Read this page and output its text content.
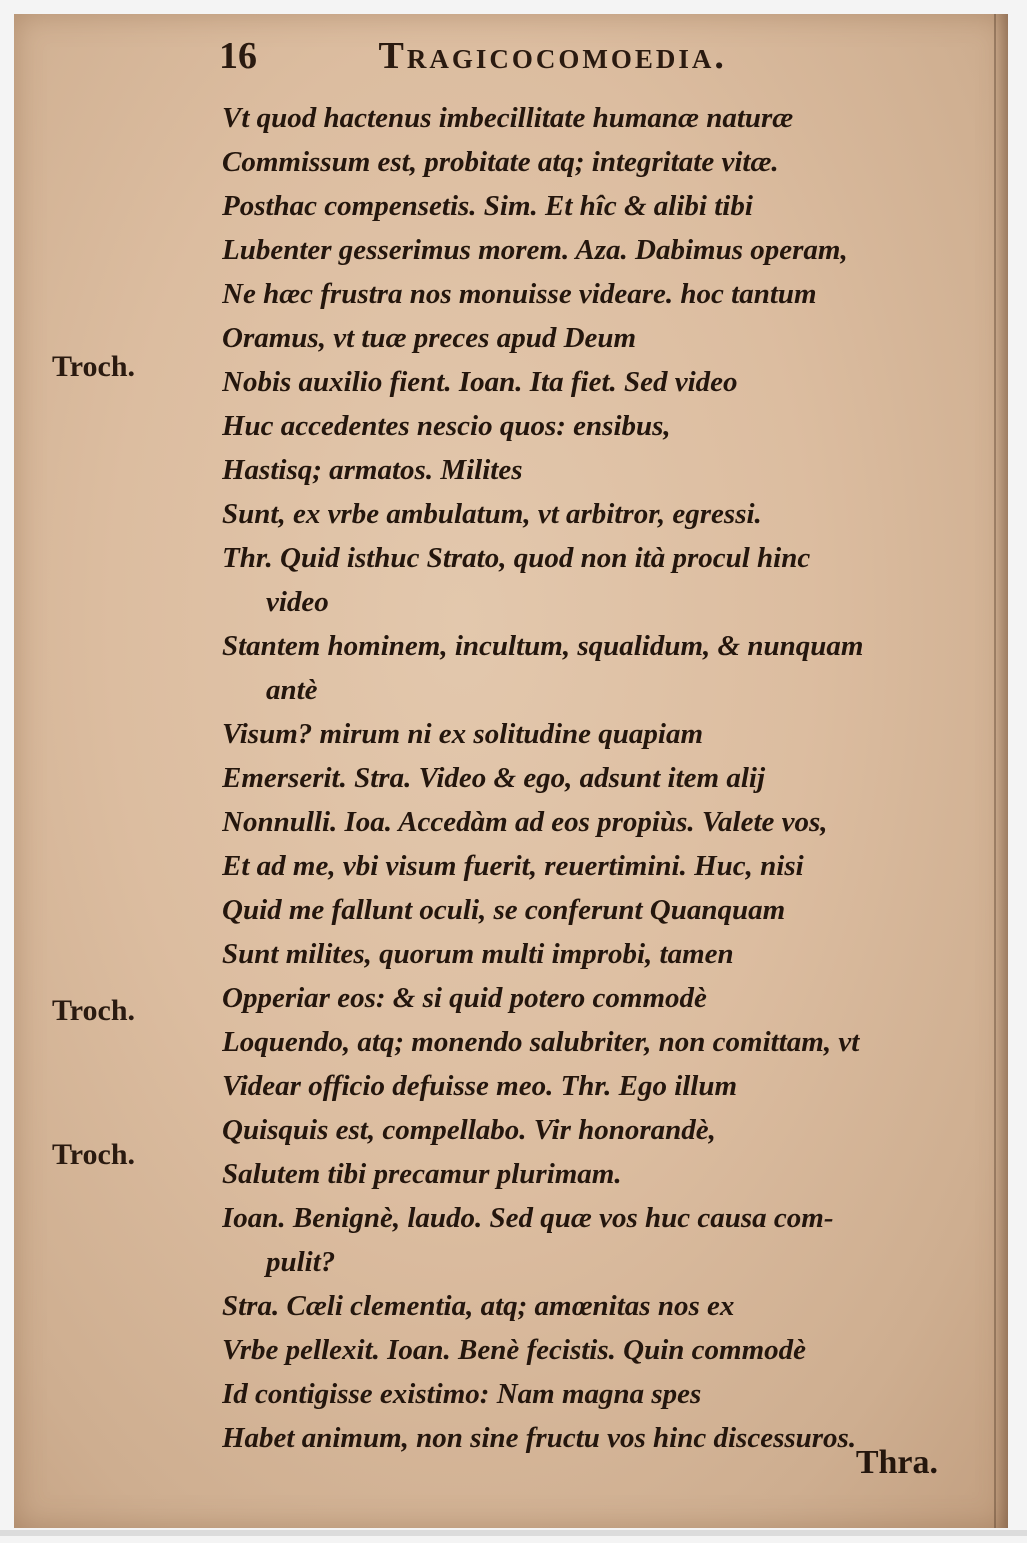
16	Tragicocomoedia.
Troch.
Troch.
Troch.
Vt quod hactenus imbecillitate humanæ naturæ
Commissum est, probitate atq; integritate vitæ.
Posthac compensetis. Sim. Et hîc & alibi tibi
Lubenter gesserimus morem. Aza. Dabimus operam,
Ne hæc frustra nos monuisse videare. hoc tantum
Oramus, vt tuæ preces apud Deum
Nobis auxilio fient. Ioan. Ita fiet. Sed video
Huc accedentes nescio quos: ensibus,
Hastisq; armatos. Milites
Sunt, ex vrbe ambulatum, vt arbitror, egressi.
Thr. Quid isthuc Strato, quod non ità procul hinc
video
Stantem hominem, incultum, squalidum, & nunquam
antè
Visum? mirum ni ex solitudine quapiam
Emerserit. Stra. Video & ego, adsunt item alij
Nonnulli. Ioa. Accedàm ad eos propiùs. Valete vos,
Et ad me, vbi visum fuerit, reuertimini. Huc, nisi
Quid me fallunt oculi, se conferunt Quanquam
Sunt milites, quorum multi improbi, tamen
Opperiar eos: & si quid potero commodè
Loquendo, atq; monendo salubriter, non comittam, vt
Videar officio defuisse meo. Thr. Ego illum
Quisquis est, compellabo. Vir honorandè,
Salutem tibi precamur plurimam.
Ioan. Benignè, laudo. Sed quæ vos huc causa com-
pulit?
Stra. Cæli clementia, atq; amœnitas nos ex
Vrbe pellexit. Ioan. Benè fecistis. Quin commodè
Id contigisse existimo: Nam magna spes
Habet animum, non sine fructu vos hinc discessuros.
Thra.
